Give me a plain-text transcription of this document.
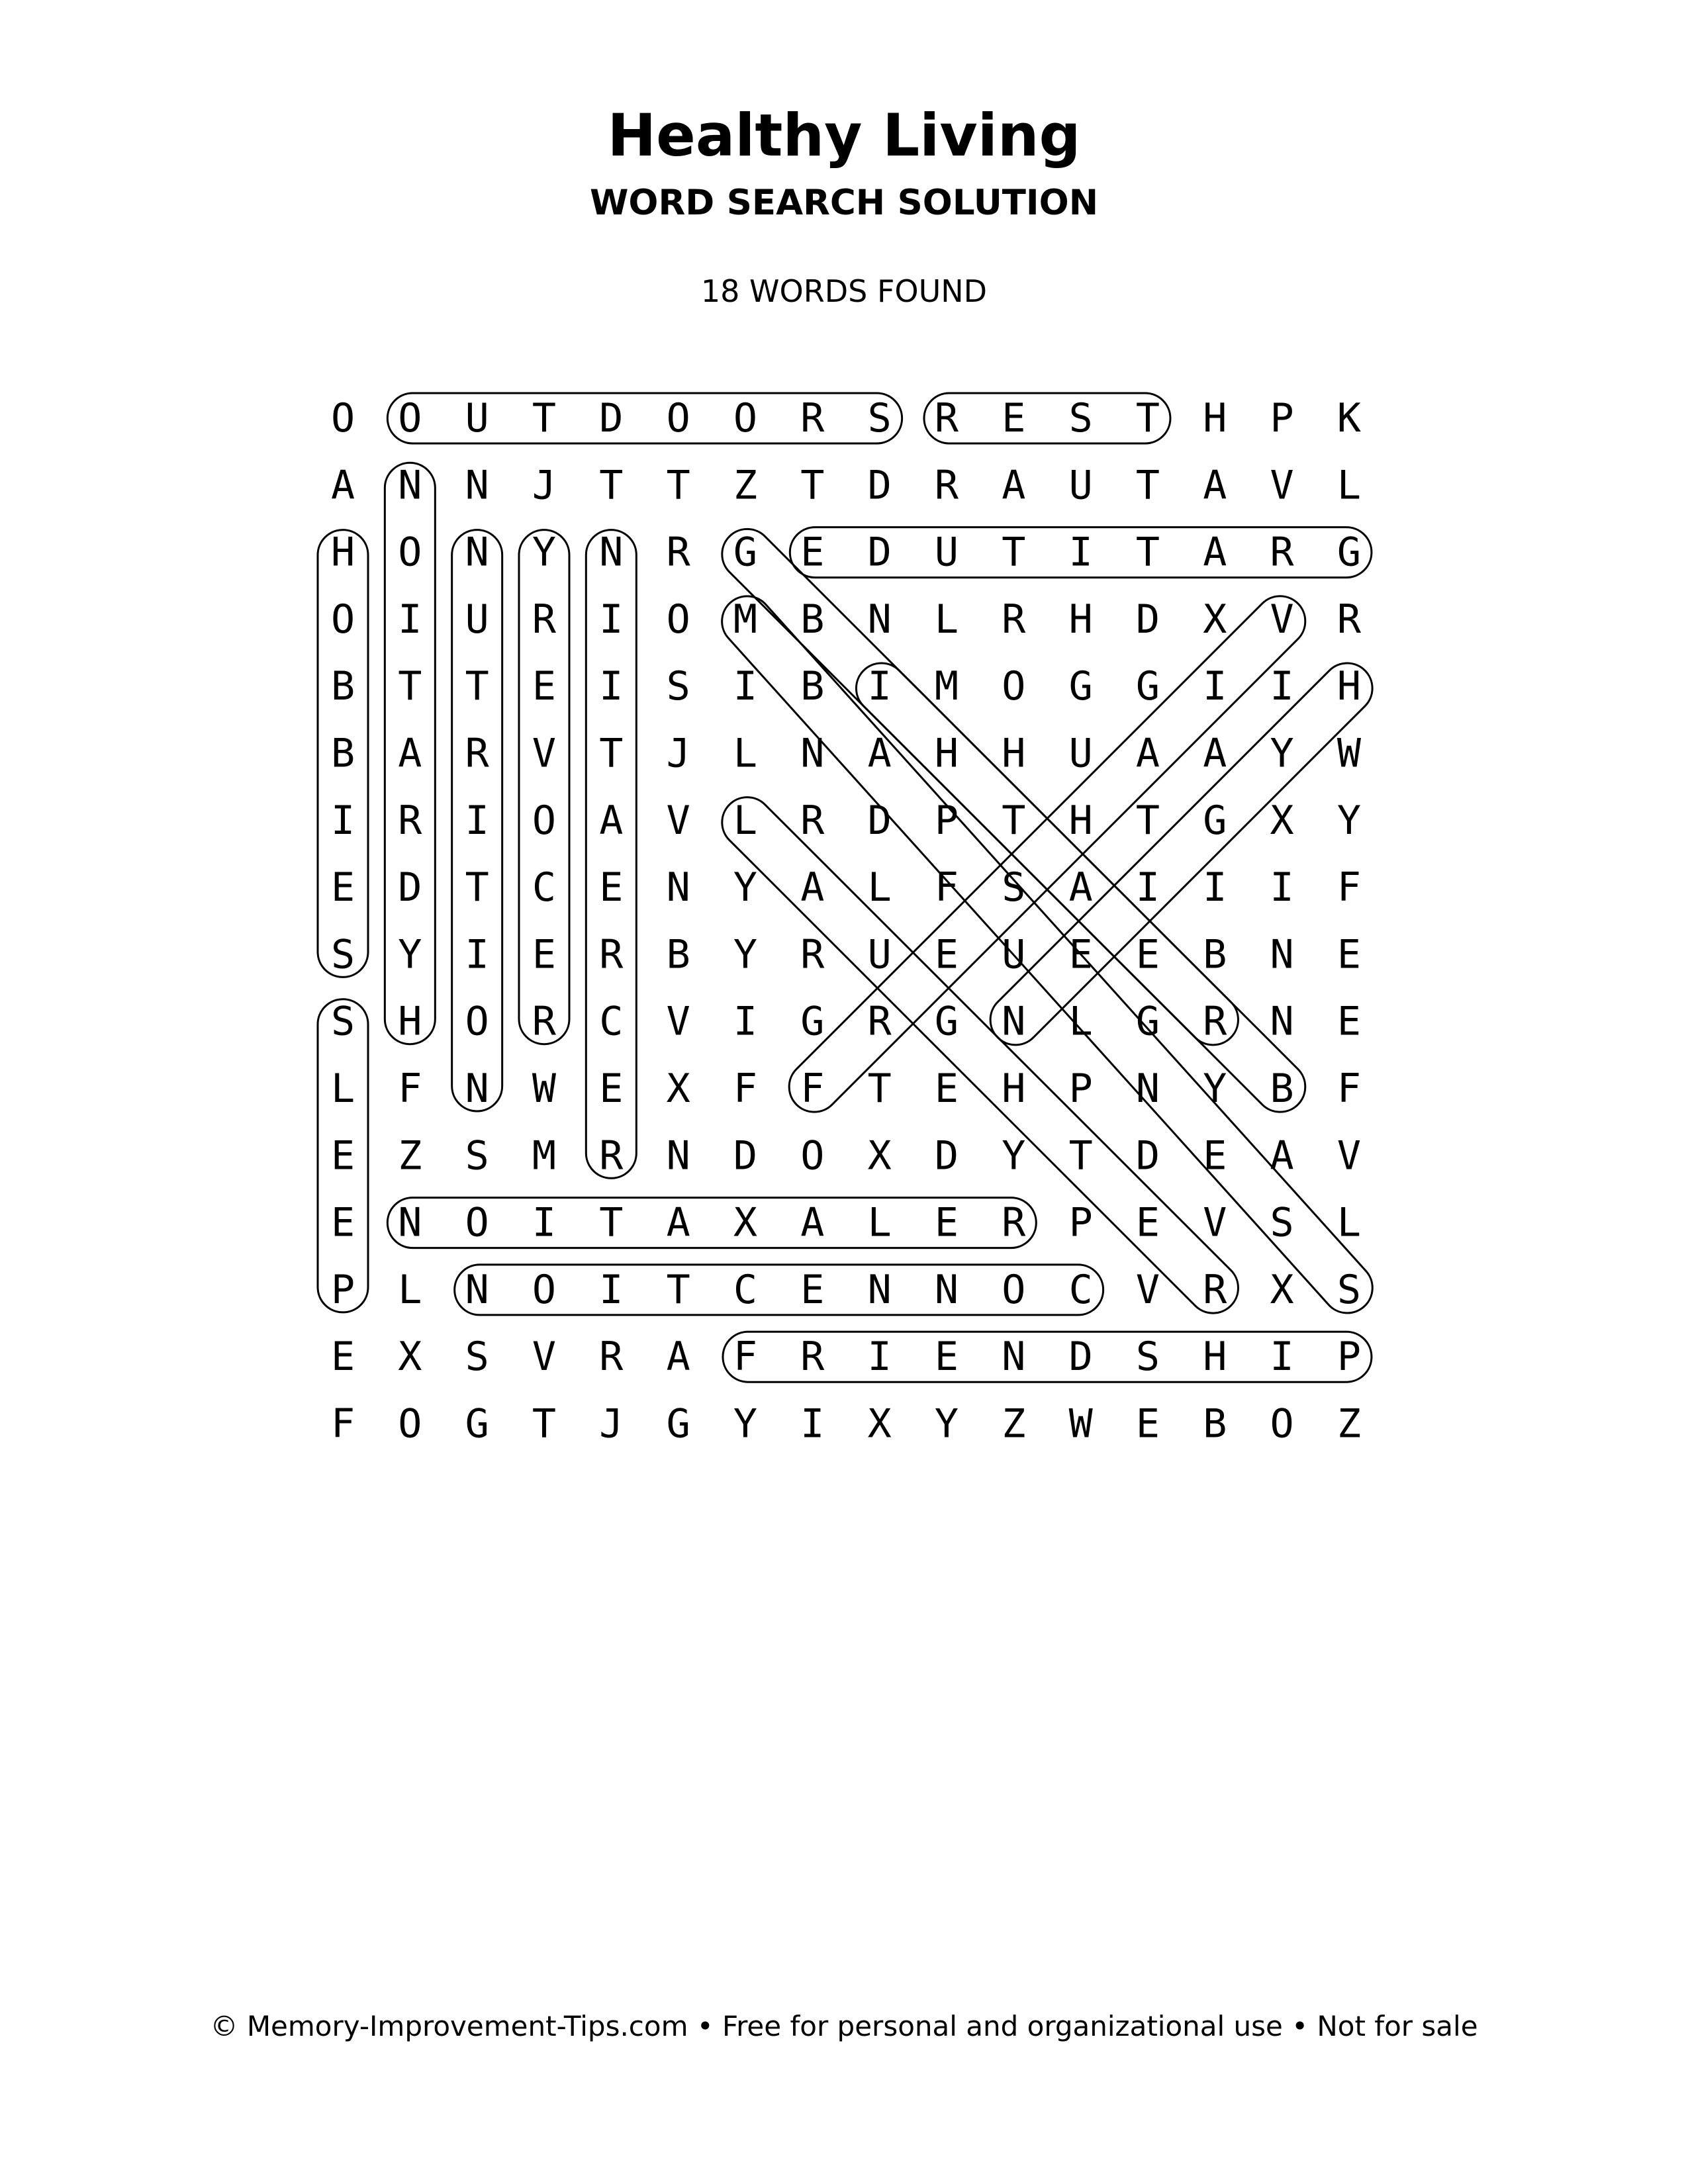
Healthy Living
WORD SEARCH SOLUTION
18 WORDS FOUND
O O U T D O O R S R E S T H P K
A N N J T T Z T D R A U T A V L
H O N Y N R G E D U T I T A R G
O I U R I O M B N L R H D X V R
B T T E I S I B I M O G G I I H
B A R V T J L N A H H U A A Y W
I R I O A V L R D P T H T G X Y
E D T C E N Y A L F S A I I I F
S Y I E R B Y R U E U E E B N E
S H O R C V I G R G N L G R N E
L F N W E X F F T E H P N Y B F
E Z S M R N D O X D Y T D E A V
E N O I T A X A L E R P E V S L
P L N O I T C E N N O C V R X S
E X S V R A F R I E N D S H I P
F O G T J G Y I X Y Z W E B O Z
© Memory-Improvement-Tips.com • Free for personal and organizational use • Not for sale
